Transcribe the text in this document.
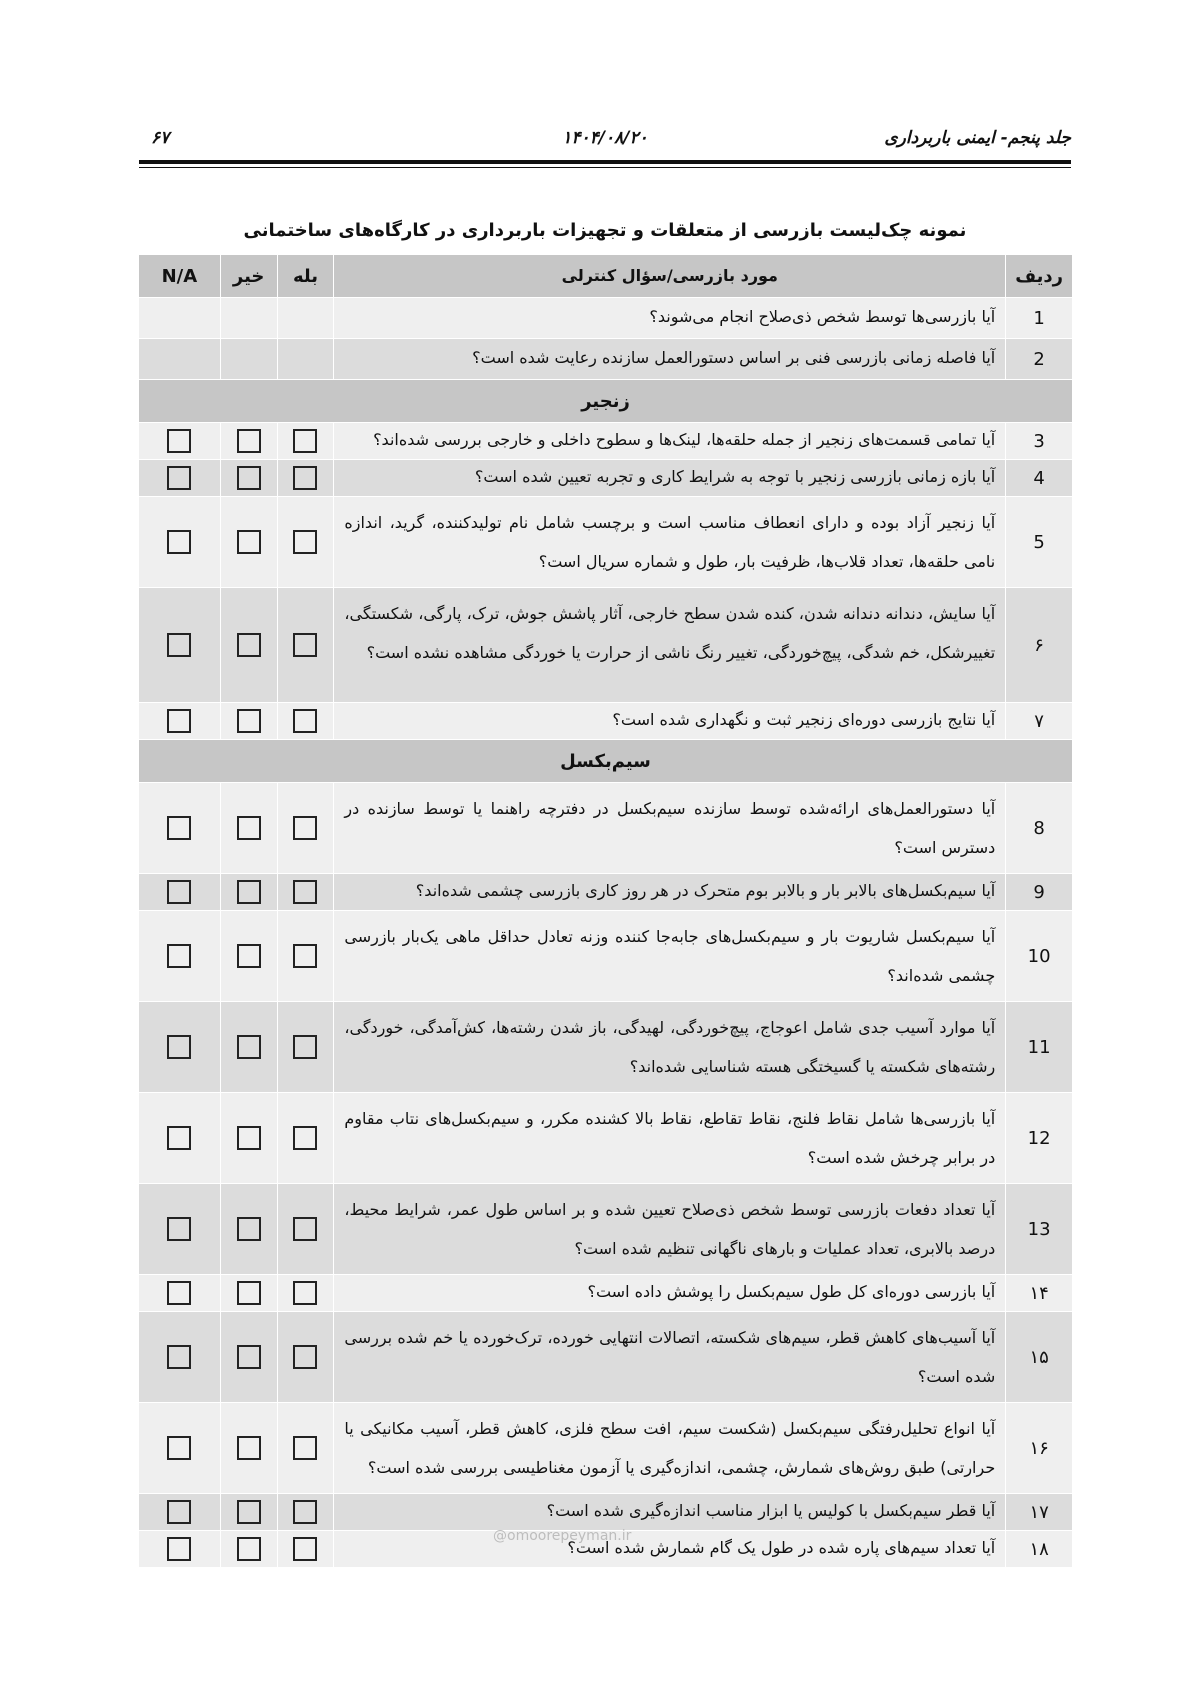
جلد پنجم- ایمنی باربرداری
۱۴۰۴/۰۸/۲۰
۶۷
نمونه چک‌لیست بازرسی از متعلقات و تجهیزات باربرداری در کارگاه‌های ساختمانی
ردیف
مورد بازرسی/سؤال کنترلی
بله
خیر
N/A
1
آیا بازرسی‌ها توسط شخص ذی‌صلاح انجام می‌شوند؟
2
آیا فاصله زمانی بازرسی فنی بر اساس دستورالعمل سازنده رعایت شده است؟
زنجیر
3
آیا تمامی قسمت‌های زنجیر از جمله حلقه‌ها، لینک‌ها و سطوح داخلی و خارجی بررسی شده‌اند؟
4
آیا بازه زمانی بازرسی زنجیر با توجه به شرایط کاری و تجربه تعیین شده است؟
5
آیا زنجیر آزاد بوده و دارای انعطاف مناسب است و برچسب شامل نام تولیدکننده، گرید، اندازه نامی حلقه‌ها، تعداد قلاب‌ها، ظرفیت بار، طول و شماره سریال است؟
۶
آیا سایش، دندانه دندانه شدن، کنده شدن سطح خارجی، آثار پاشش جوش، ترک، پارگی، شکستگی، تغییرشکل، خم شدگی، پیچ‌خوردگی، تغییر رنگ ناشی از حرارت یا خوردگی مشاهده نشده است؟
۷
آیا نتایج بازرسی دوره‌ای زنجیر ثبت و نگهداری شده است؟
سیم‌بکسل
8
آیا دستورالعمل‌های ارائه‌شده توسط سازنده سیم‌بکسل در دفترچه راهنما یا توسط سازنده در دسترس است؟
9
آیا سیم‌بکسل‌های بالابر بار و بالابر بوم متحرک در هر روز کاری بازرسی چشمی شده‌اند؟
10
آیا سیم‌بکسل شاریوت بار و سیم‌بکسل‌های جابه‌جا کننده وزنه تعادل حداقل ماهی یک‌بار بازرسی چشمی شده‌اند؟
11
آیا موارد آسیب جدی شامل اعوجاج، پیچ‌خوردگی، لهیدگی، باز شدن رشته‌ها، کش‌آمدگی، خوردگی، رشته‌های شکسته یا گسیختگی هسته شناسایی شده‌اند؟
12
آیا بازرسی‌ها شامل نقاط فلنج، نقاط تقاطع، نقاط بالا کشنده مکرر، و سیم‌بکسل‌های نتاب مقاوم در برابر چرخش شده است؟
13
آیا تعداد دفعات بازرسی توسط شخص ذی‌صلاح تعیین شده و بر اساس طول عمر، شرایط محیط، درصد بالابری، تعداد عملیات و بارهای ناگهانی تنظیم شده است؟
۱۴
آیا بازرسی دوره‌ای کل طول سیم‌بکسل را پوشش داده است؟
۱۵
آیا آسیب‌های کاهش قطر، سیم‌های شکسته، اتصالات انتهایی خورده، ترک‌خورده یا خم شده بررسی شده است؟
۱۶
آیا انواع تحلیل‌رفتگی سیم‌بکسل (شکست سیم، افت سطح فلزی، کاهش قطر، آسیب مکانیکی یا حرارتی) طبق روش‌های شمارش، چشمی، اندازه‌گیری یا آزمون مغناطیسی بررسی شده است؟
۱۷
آیا قطر سیم‌بکسل با کولیس یا ابزار مناسب اندازه‌گیری شده است؟
۱۸
آیا تعداد سیم‌های پاره شده در طول یک گام شمارش شده است؟
@omoorepeyman.ir
